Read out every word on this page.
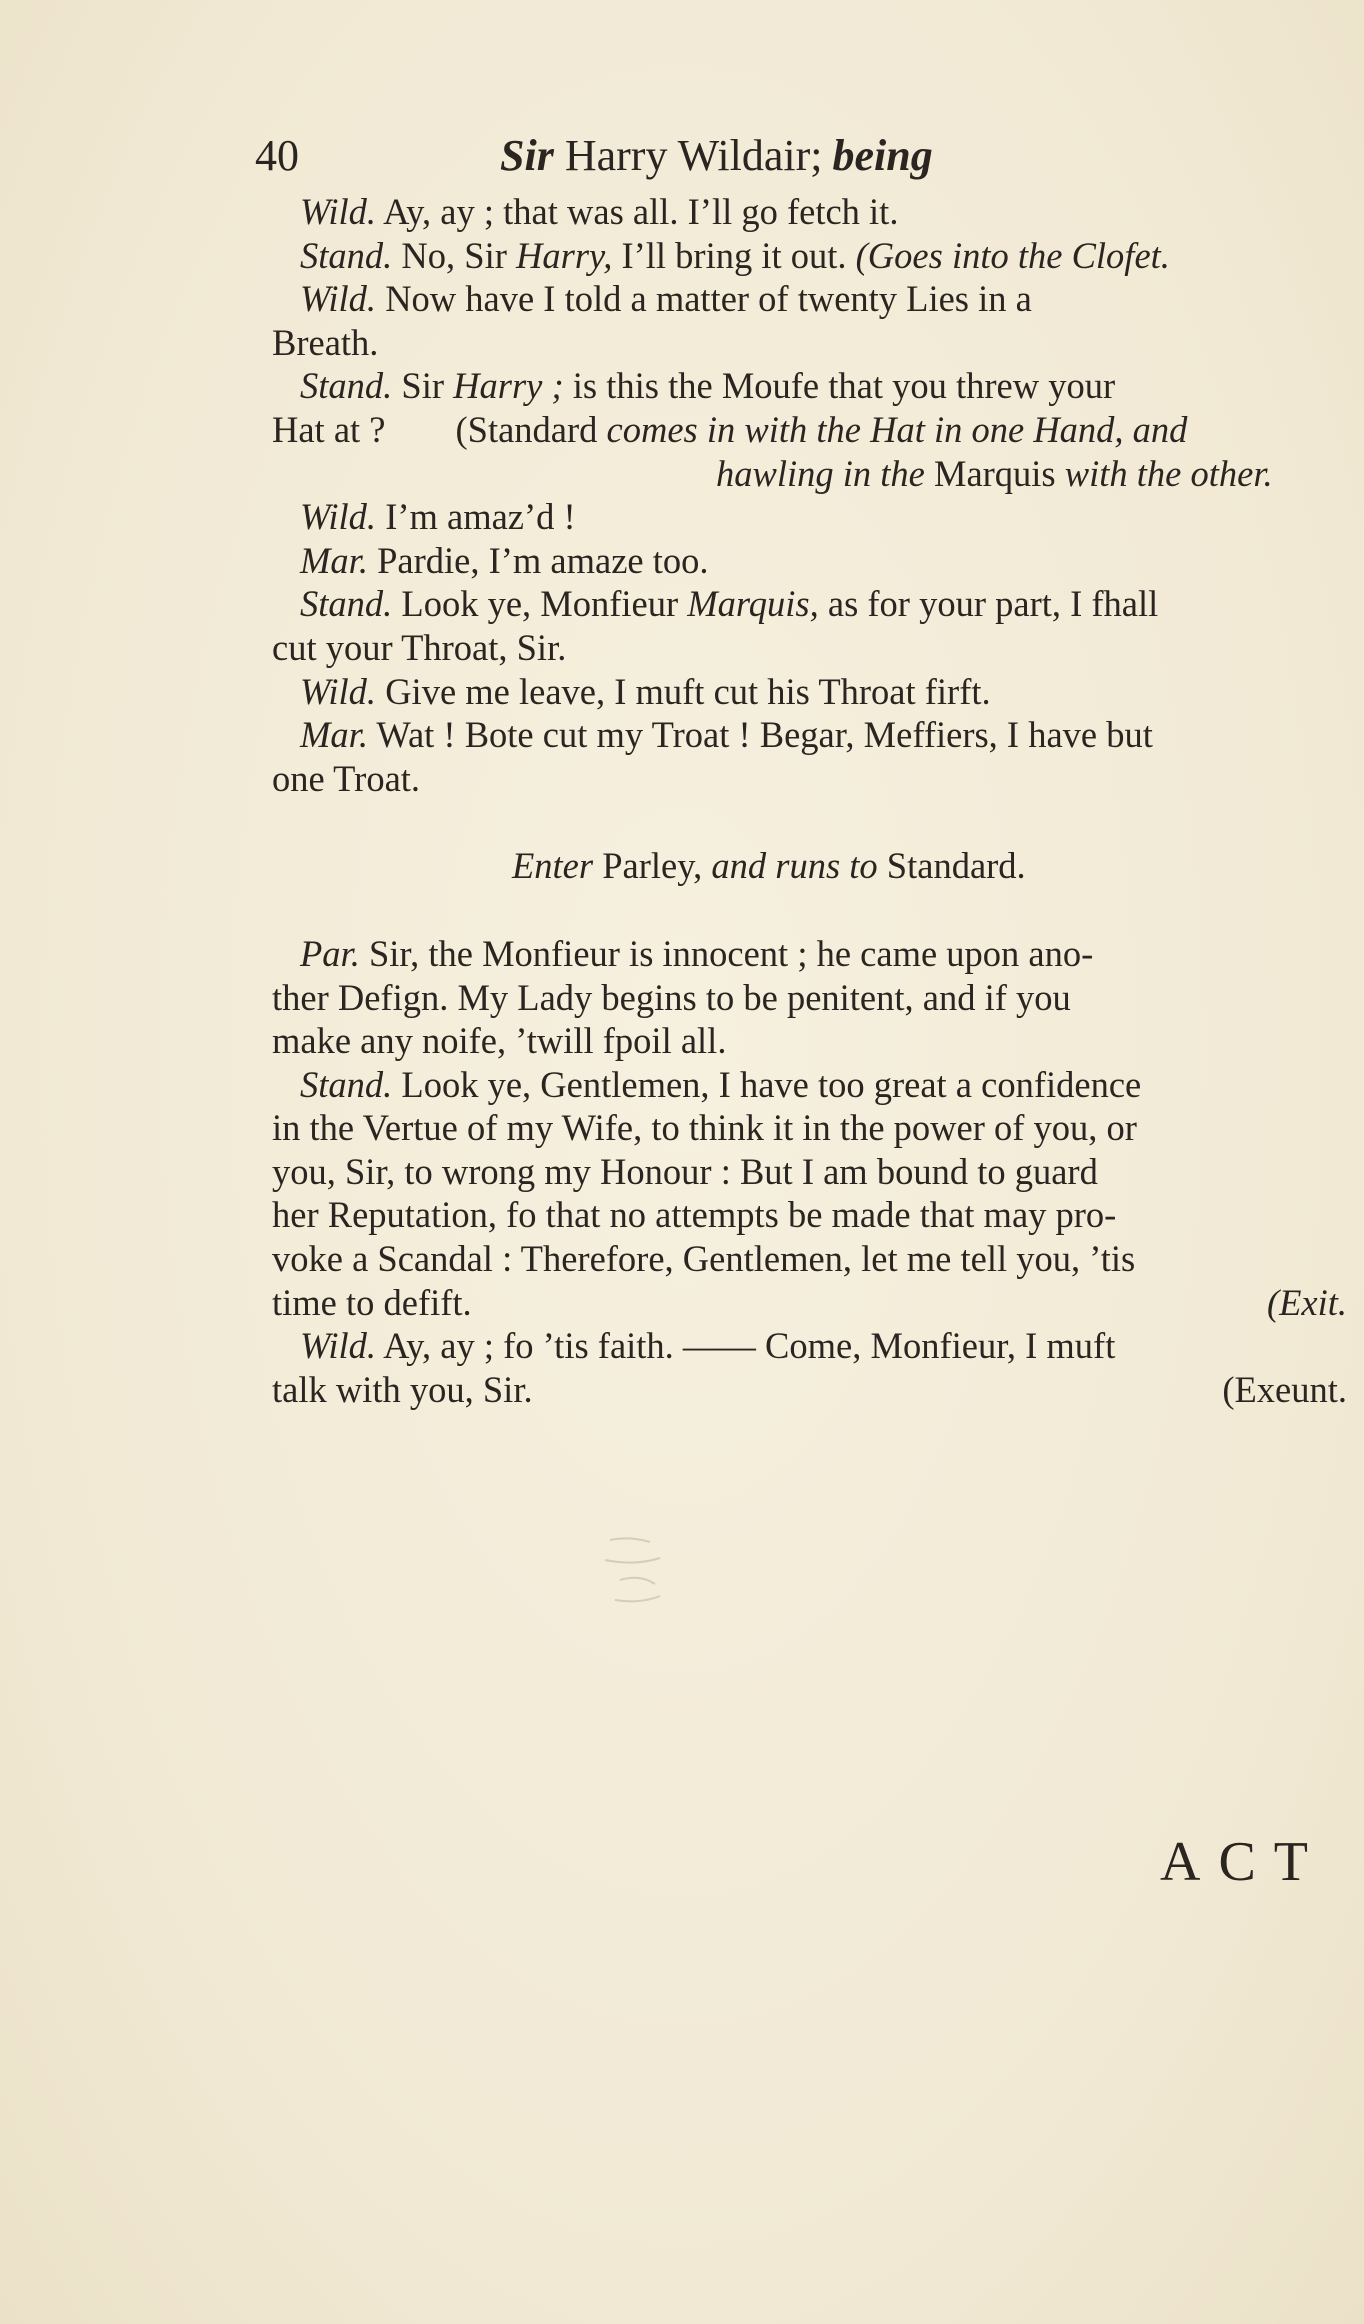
40	Sir Harry Wildair; being
Wild. Ay, ay ; that was all. I’ll go fetch it.
Stand. No, Sir Harry, I’ll bring it out. (Goes into the Clofet.
Wild. Now have I told a matter of twenty Lies in a
Breath.
Stand. Sir Harry ; is this the Moufe that you threw your
Hat at ? (Standard comes in with the Hat in one Hand, and
hawling in the Marquis with the other.
Wild. I’m amaz’d !
Mar. Pardie, I’m amaze too.
Stand. Look ye, Monfieur Marquis, as for your part, I fhall
cut your Throat, Sir.
Wild. Give me leave, I muft cut his Throat firft.
Mar. Wat ! Bote cut my Troat ! Begar, Meffiers, I have but
one Troat.
Enter Parley, and runs to Standard.
Par. Sir, the Monfieur is innocent ; he came upon ano-
ther Defign. My Lady begins to be penitent, and if you
make any noife, ’twill fpoil all.
Stand. Look ye, Gentlemen, I have too great a confidence
in the Vertue of my Wife, to think it in the power of you, or
you, Sir, to wrong my Honour : But I am bound to guard
her Reputation, fo that no attempts be made that may pro-
voke a Scandal : Therefore, Gentlemen, let me tell you, ’tis
time to defift.	(Exit.
Wild. Ay, ay ; fo ’tis faith. —— Come, Monfieur, I muft
talk with you, Sir.	(Exeunt.
ACT
